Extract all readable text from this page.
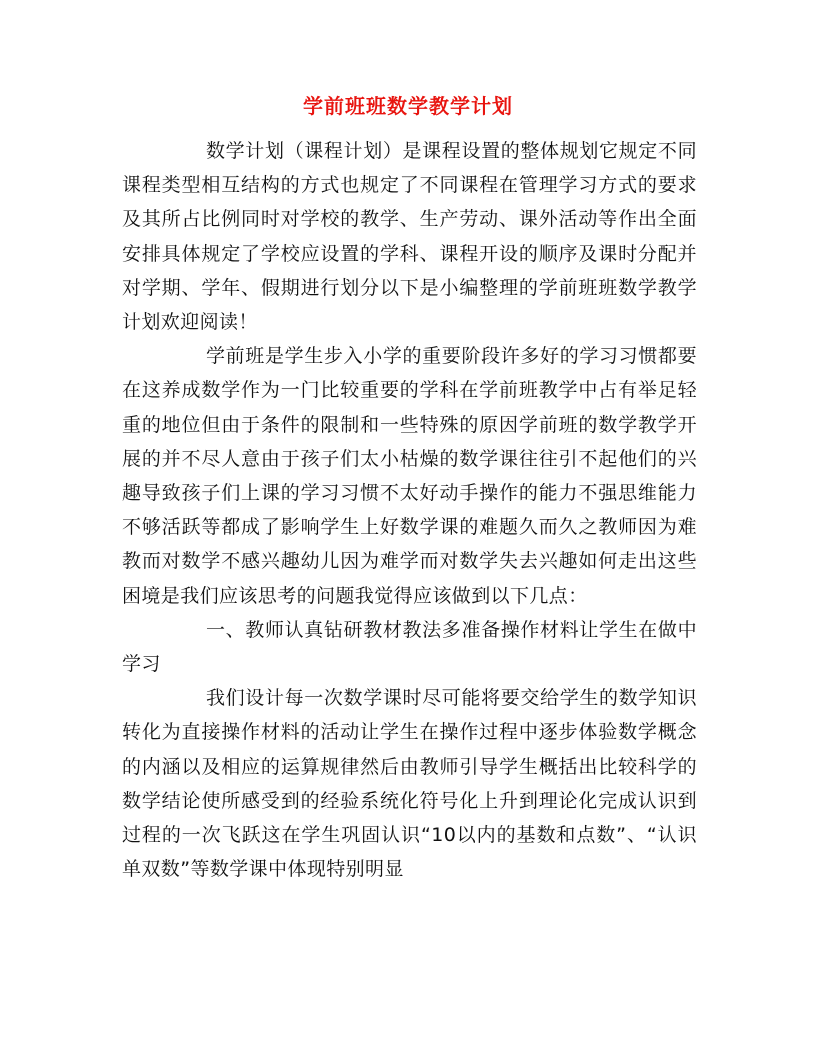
学前班班数学教学计划

数学计划（课程计划）是课程设置的整体规划它规定不同课程类型相互结构的方式也规定了不同课程在管理学习方式的要求及其所占比例同时对学校的教学、生产劳动、课外活动等作出全面安排具体规定了学校应设置的学科、课程开设的顺序及课时分配并对学期、学年、假期进行划分以下是小编整理的学前班班数学教学计划欢迎阅读！

学前班是学生步入小学的重要阶段许多好的学习习惯都要在这养成数学作为一门比较重要的学科在学前班教学中占有举足轻重的地位但由于条件的限制和一些特殊的原因学前班的数学教学开展的并不尽人意由于孩子们太小枯燥的数学课往往引不起他们的兴趣导致孩子们上课的学习习惯不太好动手操作的能力不强思维能力不够活跃等都成了影响学生上好数学课的难题久而久之教师因为难教而对数学不感兴趣幼儿因为难学而对数学失去兴趣如何走出这些困境是我们应该思考的问题我觉得应该做到以下几点：

一、教师认真钻研教材教法多准备操作材料让学生在做中学习

我们设计每一次数学课时尽可能将要交给学生的数学知识转化为直接操作材料的活动让学生在操作过程中逐步体验数学概念的内涵以及相应的运算规律然后由教师引导学生概括出比较科学的数学结论使所感受到的经验系统化符号化上升到理论化完成认识到过程的一次飞跃这在学生巩固认识“10以内的基数和点数”、“认识单双数”等数学课中体现特别明显
